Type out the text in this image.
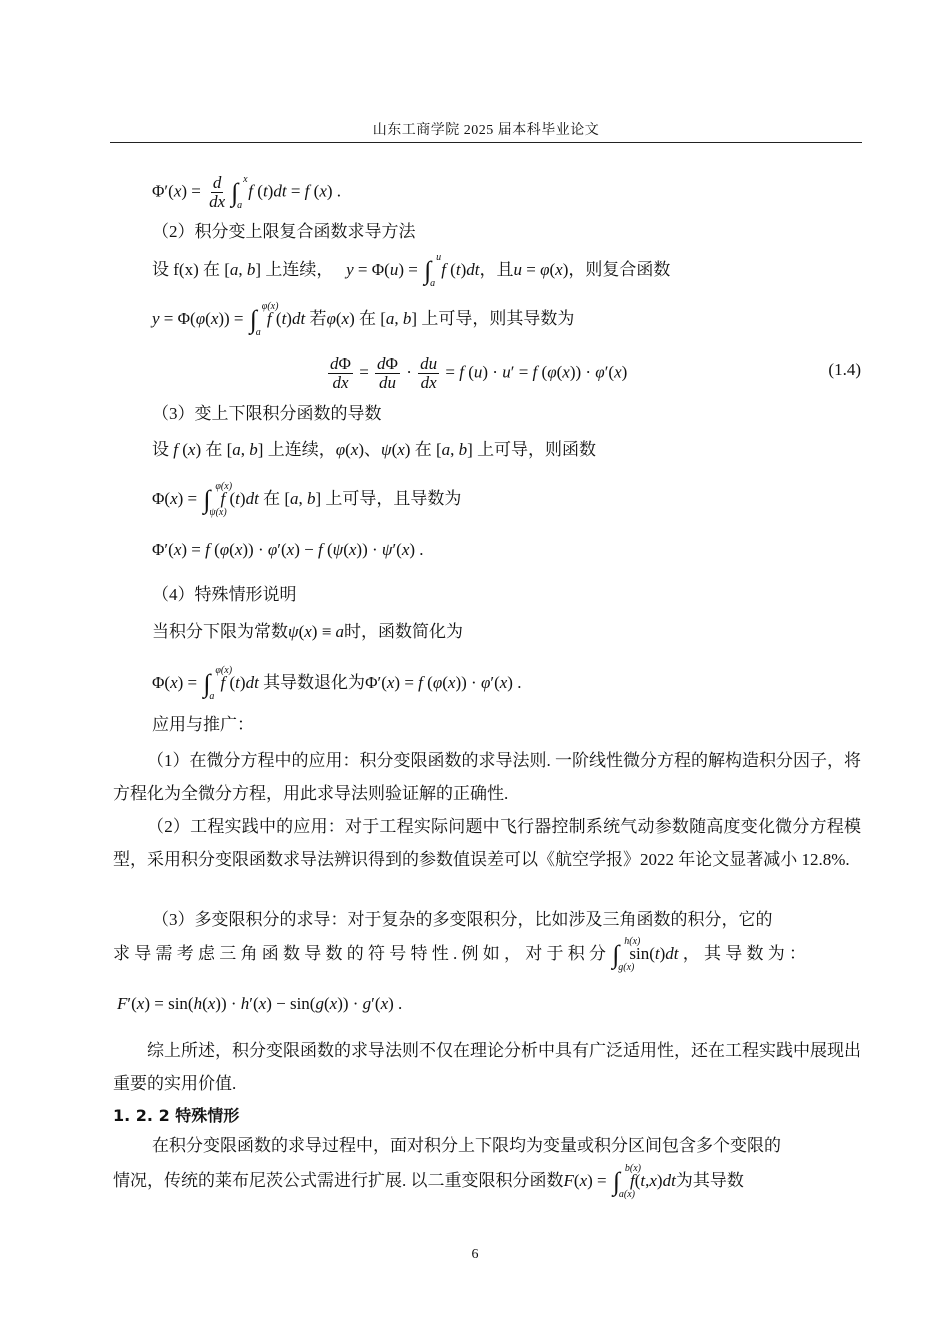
山东工商学院 2025 届本科毕业论文
$\Phi'(x) = \frac{d}{dx}$ ∫ x
a
f (t)dt = f (x) .
（2）积分变上限复合函数求导方法
设 f(x) 在 [a, b] 上连续， y = Φ(u) = ∫ u
a
f (t)dt，且u = φ(x)，则复合函数
y = Φ(φ(x)) = ∫ φ(x)
a
f (t)dt 若φ(x) 在 [a, b] 上可导，则其导数为
$\frac{d\Phi}{dx} = \frac{d\Phi}{du} \cdot \frac{du}{dx} = f$ (u) · u′ = f (φ(x)) · φ′(x)	(1.4)
（3）变上下限积分函数的导数
设 f (x) 在 [a, b] 上连续，φ(x)、ψ(x) 在 [a, b] 上可导，则函数
Φ(x) = ∫ φ(x)
ψ(x)
f (t)dt 在 [a, b] 上可导，且导数为
Φ′(x) = f (φ(x)) · φ′(x) − f (ψ(x)) · ψ′(x) .
（4）特殊情形说明
当积分下限为常数ψ(x) ≡ a时，函数简化为
Φ(x) = ∫ φ(x)
a
f (t)dt 其导数退化为Φ′(x) = f (φ(x)) · φ′(x) .
应用与推广：
（1）在微分方程中的应用：积分变限函数的求导法则. 一阶线性微分方程的解构造积分因子，将方程化为全微分方程，用此求导法则验证解的正确性.
（2）工程实践中的应用：对于工程实际问题中飞行器控制系统气动参数随高度变化微分方程模型，采用积分变限函数求导法辨识得到的参数值误差可以《航空学报》2022 年论文显著减小 12.8%.
（3）多变限积分的求导：对于复杂的多变限积分，比如涉及三角函数的积分，它的
求 导 需 考 虑 三 角 函 数 导 数 的 符 号 特 性 . 例 如 ， 对 于 积 分 ∫ h(x)
g(x)
sin(t)dt ， 其 导 数 为 ：
F′(x) = sin(h(x)) · h′(x) − sin(g(x)) · g′(x) .
综上所述，积分变限函数的求导法则不仅在理论分析中具有广泛适用性，还在工程实践中展现出重要的实用价值.
1. 2. 2 特殊情形
在积分变限函数的求导过程中，面对积分上下限均为变量或积分区间包含多个变限的
情况，传统的莱布尼茨公式需进行扩展. 以二重变限积分函数F(x) = ∫ b(x)
a(x)
f(t,x)dt为其导数
6
